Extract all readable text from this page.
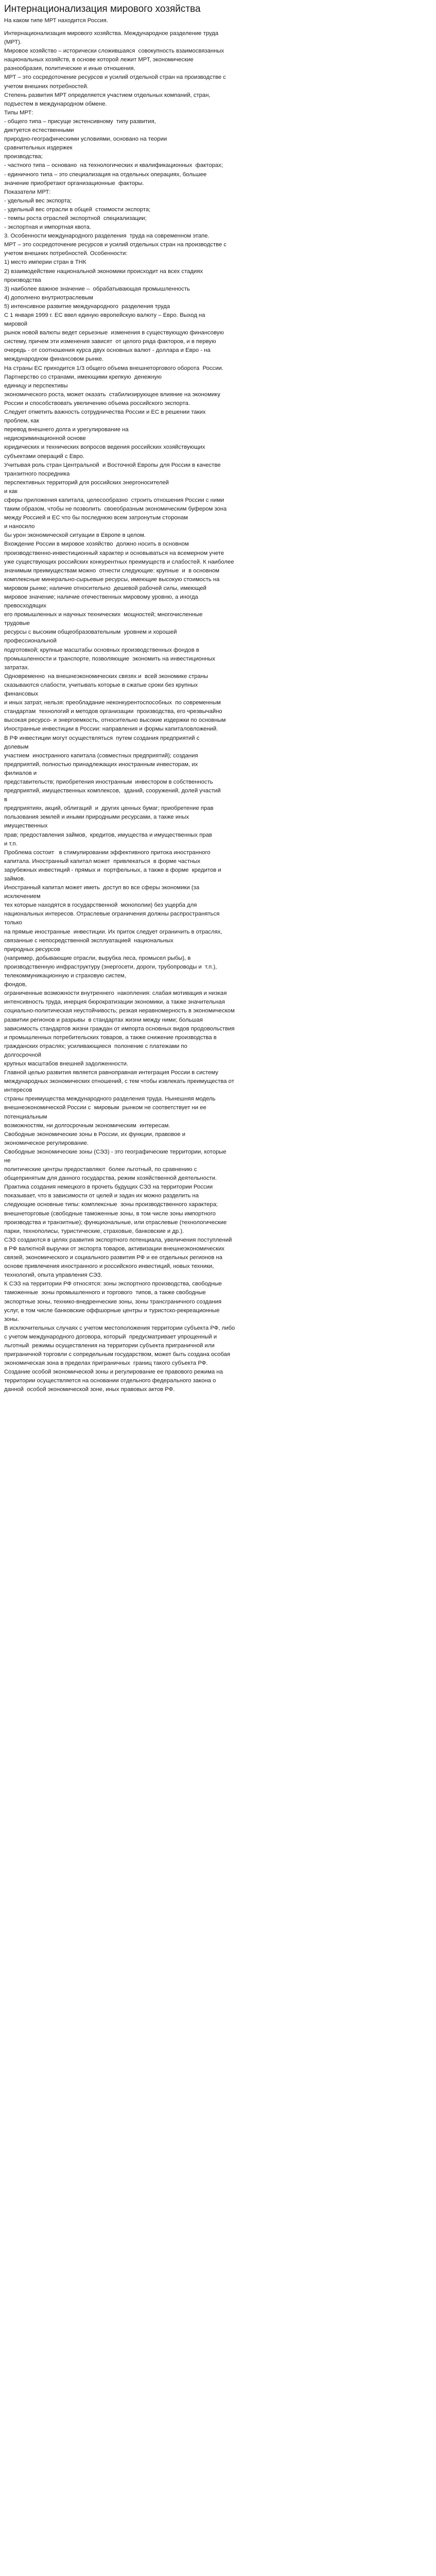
Интернационализация мирового хозяйства
На каком типе МРТ находится Россия.
Интернационализация мирового хозяйства. Международное разделение труда
(МРТ).
Мировое хозяйство – исторически сложившаяся  совокупность взаимосвязанных
национальных хозяйств, в основе которой лежит МРТ, экономические
разнообразия, политические и иные отношения.
МРТ – это сосредоточение ресурсов и усилий отдельной стран на производстве с
учетом внешних потребностей.
Степень развития МРТ определяется участием отдельных компаний, стран,
подъестем в международном обмене.
Типы МРТ:
- общего типа – присуще экстенсивному  типу развития,
диктуется естественными
природно-географическими условиями, основано на теории
сравнительных издержек
производства;
- частного типа – основано  на технологических и квалификационных  факторах;
- единичного типа – это специализация на отдельных операциях, большее
значение приобретают организационные  факторы.
Показатели МРТ:
- удельный вес экспорта;
- удельный вес отрасли в общей  стоимости экспорта;
- темпы роста отраслей экспортной  специализации;
- экспортная и импортная квота.
3. Особенности международного разделения  труда на современном этапе.
МРТ – это сосредоточение ресурсов и усилий отдельных стран на производстве с
учетом внешних потребностей. Особенности:
1) место империи стран в ТНК
2) взаимодействие национальной экономики происходит на всех стадиях
производства
3) наиболее важное значение –  обрабатывающая промышленность
4) дополнено внутриотраслевым
5) интенсивное развитие международного  разделения труда
С 1 января 1999 г. ЕС ввел единую европейскую валюту – Евро. Выход на
мировой
рынок новой валюты ведет серьезные  изменения в существующую финансовую
систему, причем эти изменения зависят  от целого ряда факторов, и в первую
очередь - от соотношения курса двух основных валют - доллара и Евро - на
международном финансовом рынке.
На страны ЕС приходится 1/3 общего объема внешнеторгового оборота  России.
Партнерство со странами, имеющими крепкую  денежную
единицу и перспективы
экономического роста, может оказать  стабилизирующее влияние на экономику
России и способствовать увеличению объема российского экспорта.
Следует отметить важность сотрудничества России и ЕС в решении таких
проблем, как
перевод внешнего долга и урегулирование на
недискриминационной основе
юридических и технических вопросов ведения российских хозяйствующих
субъектами операций с Евро.
Учитывая роль стран Центральной  и Восточной Европы для России в качестве
транзитного посредника
перспективных территорий для российских энергоносителей
и как
сферы приложения капитала, целесообразно  строить отношения России с ними
таким образом, чтобы не позволить  своеобразным экономическим буфером зона
между Россией и ЕС что бы последнюю всем затронутым сторонам
и наносило
бы урон экономической ситуации в Европе в целом.
Вхождение России в мировое хозяйство  должно носить в основном
производственно-инвестиционный характер и основываться на всемерном учете
уже существующих российских конкурентных преимуществ и слабостей. К наиболее
значимым преимуществам можно  отнести следующие: крупные  и  в основном
комплексные минерально-сырьевые ресурсы, имеющие высокую стоимость на
мировом рынке; наличие относительно  дешевой рабочей силы, имеющей
мировое значение; наличие отечественных мировому уровню, а иногда
превосходящих
его промышленных и научных технических  мощностей; многочисленные
трудовые
ресурсы с высоким общеобразовательным  уровнем и хорошей
профессиональной
подготовкой; крупные масштабы основных производственных фондов в
промышленности и транспорте, позволяющие  экономить на инвестиционных
затратах.
Одновременно  на внешнеэкономических связях и  всей экономике страны
сказываются слабости, учитывать которые в сжатые сроки без крупных
финансовых
и иных затрат, нельзя: преобладание неконкурентоспособных  по современным
стандартам  технологий и методов организации  производства, его чрезвычайно
высокая ресурсо- и энергоемкость, относительно высокие издержки по основным
Иностранные инвестиции в России: направления и формы капиталовложений.
В РФ инвестиции могут осуществляться  путем создания предприятий с
долевым
участием  иностранного капитала (совместных предприятий); создания
предприятий, полностью принадлежащих иностранным инвесторам, их
филиалов и
представительств; приобретения иностранным  инвестором в собственность
предприятий, имущественных комплексов,  зданий, сооружений, долей участий
в
предприятиях, акций, облигаций  и  других ценных бумаг; приобретение прав
пользования землей и иными природными ресурсами, а также иных
имущественных
прав; предоставления займов,  кредитов, имущества и имущественных прав
и т.п.
Проблема состоит   в стимулировании эффективного притока иностранного
капитала. Иностранный капитал может  привлекаться  в форме частных
зарубежных инвестиций - прямых и  портфельных, а также в форме  кредитов и
займов.
Иностранный капитал может иметь  доступ во все сферы экономики (за
исключением
тех которые находятся в государственной  монополии) без ущерба для
национальных интересов. Отраслевые ограничения должны распространяться
только
на прямые иностранные  инвестиции. Их приток следует ограничить в отраслях,
связанные с непосредственной эксплуатацией  национальных
природных ресурсов
(например, добывающие отрасли, вырубка леса, промысел рыбы), в
производственную инфраструктуру (энергосети, дороги, трубопроводы и  т.п.),
телекоммуникационную и страховую систем,
фондов,
ограниченные возможности внутреннего  накопления: слабая мотивация и низкая
интенсивность труда, инерция бюрократизации экономики, а также значительная
социально-политическая неустойчивость; резкая неравномерность в экономическом
развитии регионов и разрывы  в стандартах жизни между ними; большая
зависимость стандартов жизни граждан от импорта основных видов продовольствия
и промышленных потребительских товаров, а также снижение производства в
гражданских отраслях; усиливающиеся  полонение с платежами по
долгосрочной
крупных масштабов внешней задолженности.
Главной целью развития является равноправная интеграция России в систему
международных экономических отношений, с тем чтобы извлекать преимущества от
интересов
страны преимущества международного разделения труда. Нынешняя модель
внешнеэкономической России с  мировым  рынком не соответствует ни ее
потенциальным
возможностям, ни долгосрочным экономическим  интересам.
Свободные экономические зоны в России, их функции, правовое и
экономическое регулирование.
Свободные экономические зоны (СЭЗ) - это географические территории, которые
не
политические центры предоставляют  более льготный, по сравнению с
общепринятым для данного государства, режим хозяйственной деятельности.
Практика создания немецкого в прочеть будущих СЭЗ на территории России
показывает, что в зависимости от целей и задач их можно разделить на
следующие основные типы: комплексные  зоны производственного характера;
внешнеторговые (свободные таможенные зоны, в том числе зоны импортного
производства и транзитные); функциональные, или отраслевые (технологические
парки, технополисы, туристические, страховые, банковские и др.).
СЭЗ создаются в целях развития экспортного потенциала, увеличения поступлений
в РФ валютной выручки от экспорта товаров, активизации внешнеэкономических
связей, экономического и социального развития РФ и ее отдельных регионов на
основе привлечения иностранного и российского инвестиций, новых техники,
технологий, опыта управления СЭЗ.
К СЭЗ на территории РФ относятся: зоны экспортного производства, свободные
таможенные  зоны промышленного и торгового  типов, а также свободные
экспортные зоны, технико-внедренческие зоны, зоны трансграничного создания
услуг, в том числе банковские оффшорные центры и туристско-рекреационные
зоны.
В исключительных случаях с учетом местоположения территории субъекта РФ, либо
с учетом международного договора, который  предусматривает упрощенный и
льготный  режимы осуществления на территории субъекта приграничной или
приграничной торговли с сопредельным государством, может быть создана особая
экономическая зона в пределах приграничных  границ такого субъекта РФ.
Создание особой экономической зоны и регулирование ее правового режима на
территории осуществляется на основании отдельного федерального закона о
данной  особой экономической зоне, иных правовых актов РФ.
